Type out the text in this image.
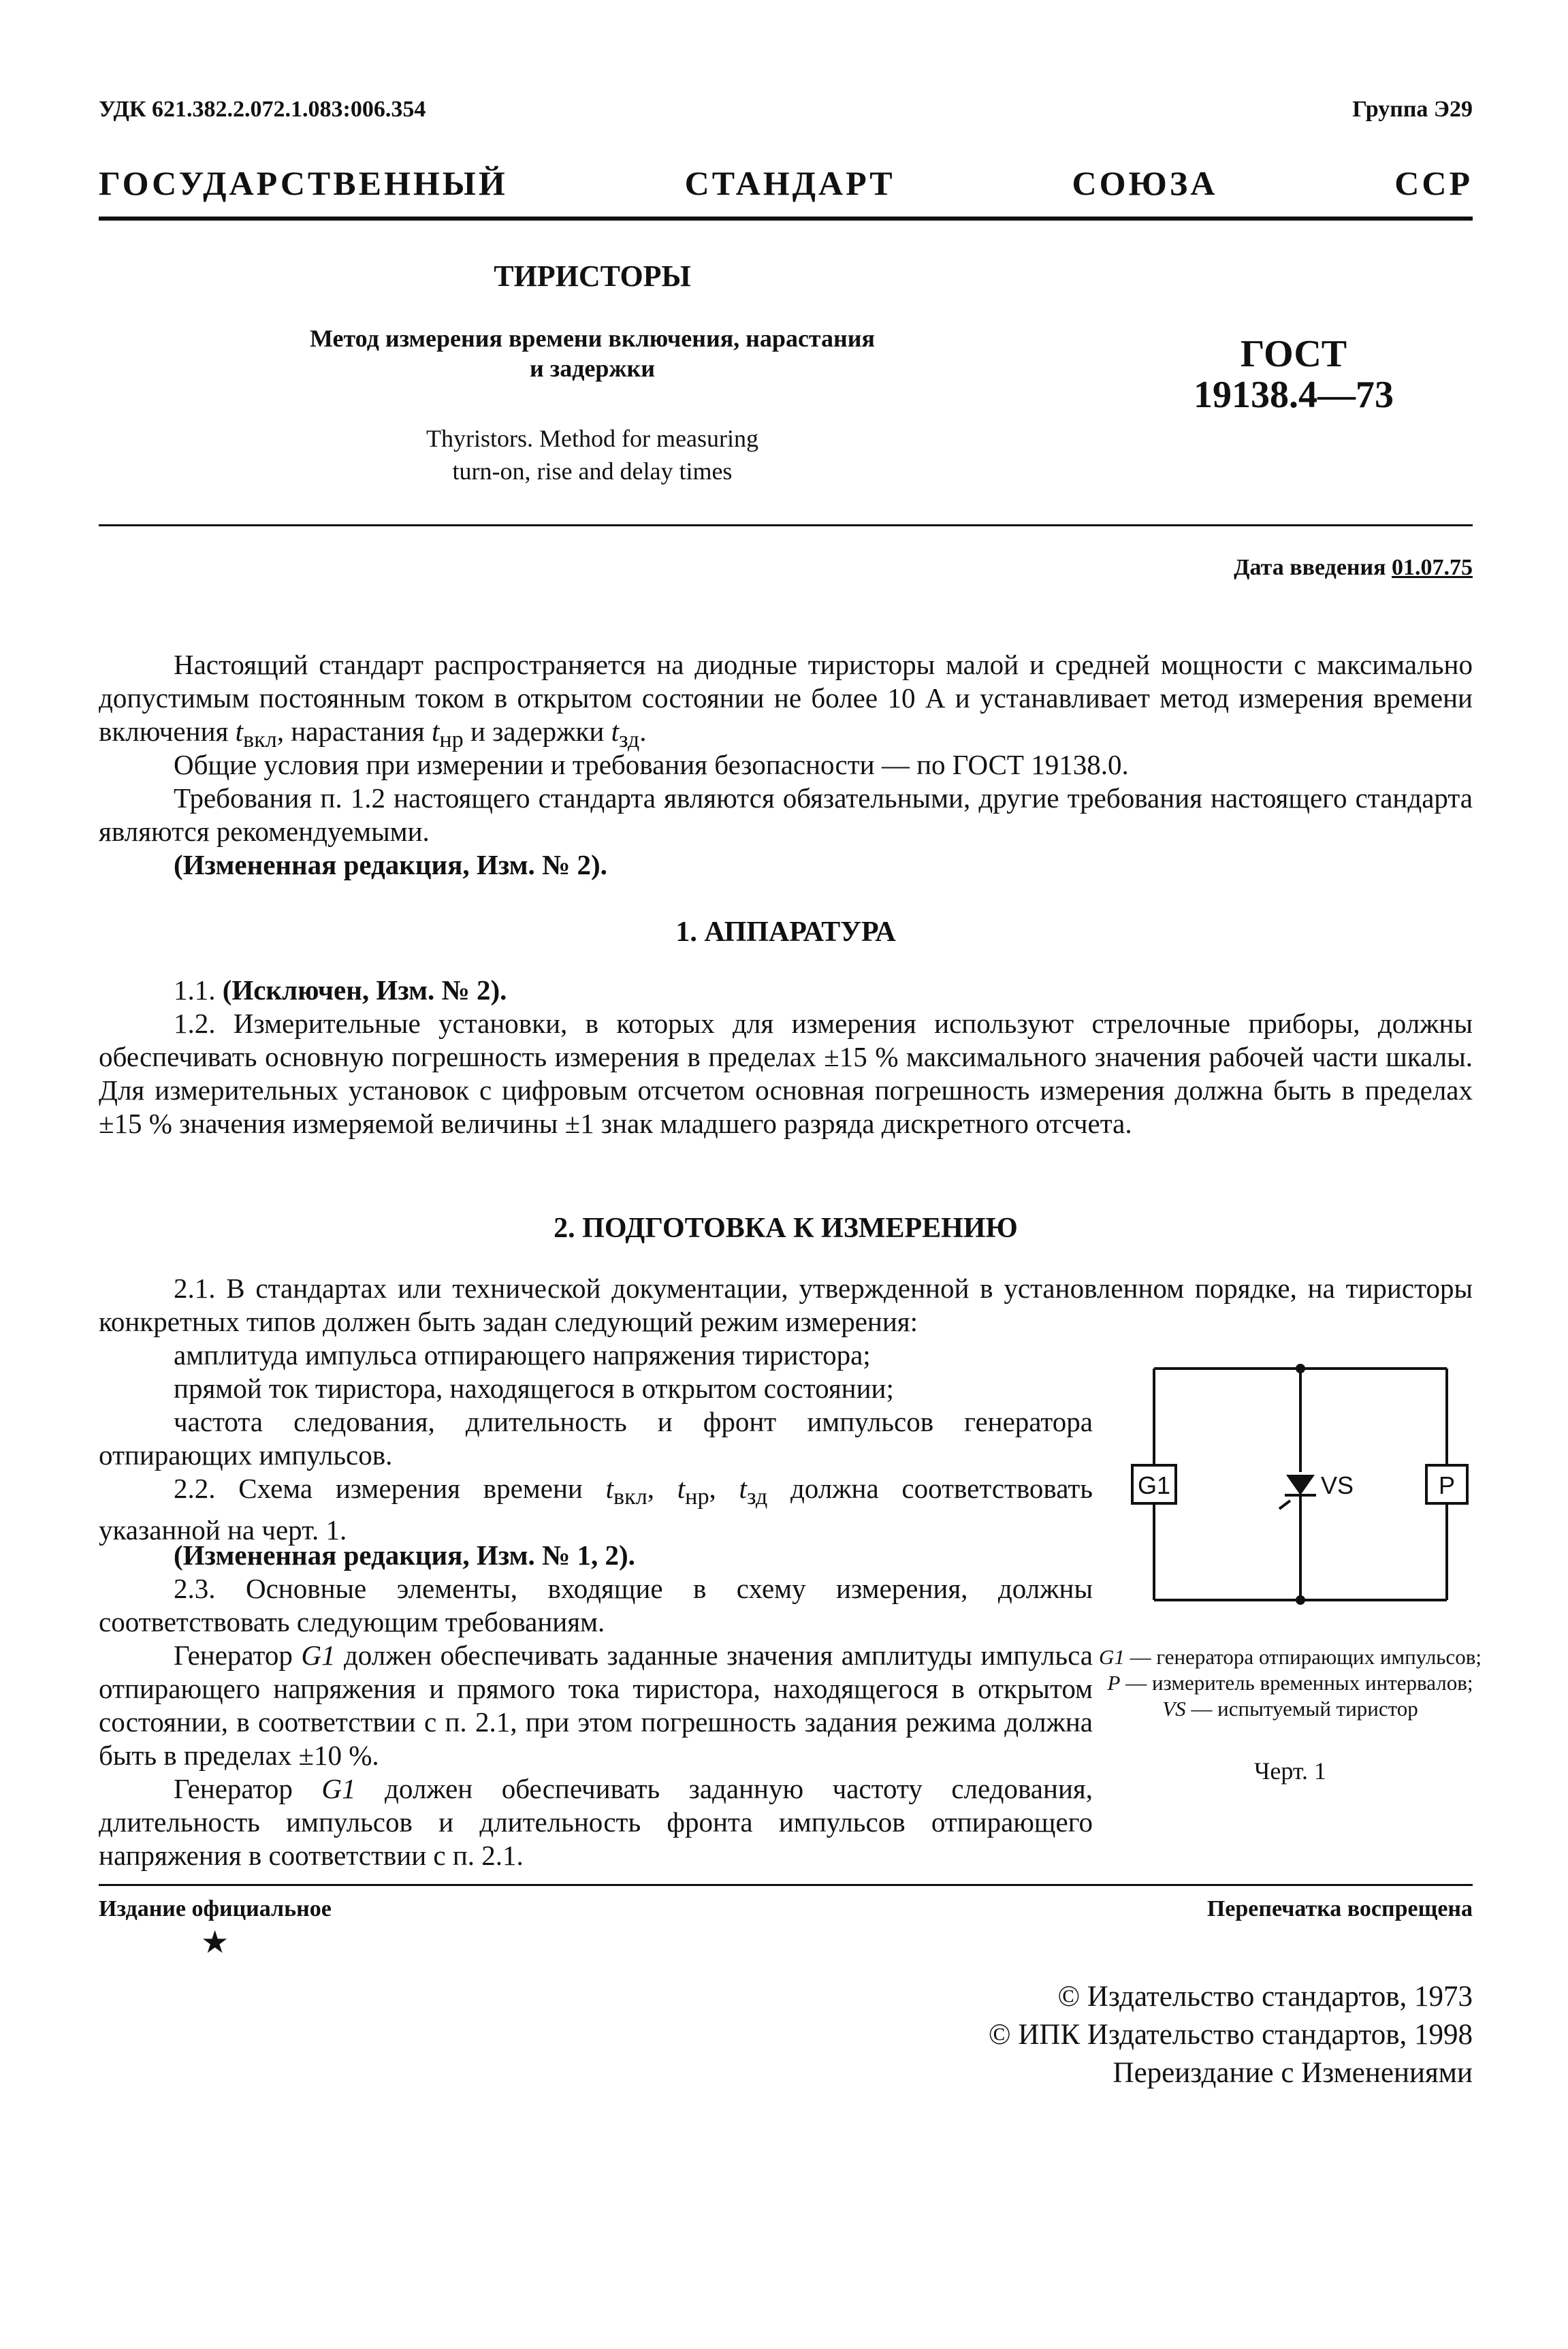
УДК 621.382.2.072.1.083:006.354	Группа Э29
ГОСУДАРСТВЕННЫЙ СТАНДАРТ СОЮЗА ССР
ТИРИСТОРЫ
Метод измерения времени включения, нарастания
и задержки
Thyristors. Method for measuring
turn-on, rise and delay times
ГОСТ
19138.4—73
Дата введения 01.07.75
Настоящий стандарт распространяется на диодные тиристоры малой и средней мощности с максимально допустимым постоянным током в открытом состоянии не более 10 А и устанавливает метод измерения времени включения $t_{вкл}$, нарастания $t_{нр}$ и задержки $t_{зд}$.
Общие условия при измерении и требования безопасности — по ГОСТ 19138.0.
Требования п. 1.2 настоящего стандарта являются обязательными, другие требования настоящего стандарта являются рекомендуемыми.
(Измененная редакция, Изм. № 2).
1. АППАРАТУРА
1.1. (Исключен, Изм. № 2).
1.2. Измерительные установки, в которых для измерения используют стрелочные приборы, должны обеспечивать основную погрешность измерения в пределах ±15 % максимального значения рабочей части шкалы. Для измерительных установок с цифровым отсчетом основная погрешность измерения должна быть в пределах ±15 % значения измеряемой величины ±1 знак младшего разряда дискретного отсчета.
2. ПОДГОТОВКА К ИЗМЕРЕНИЮ
2.1. В стандартах или технической документации, утвержденной в установленном порядке, на тиристоры конкретных типов должен быть задан следующий режим измерения:
амплитуда импульса отпирающего напряжения тиристора;
прямой ток тиристора, находящегося в открытом состоянии;
частота следования, длительность и фронт импульсов генератора отпирающих импульсов.
2.2. Схема измерения времени $t_{вкл}$, $t_{нр}$, $t_{зд}$ должна соответствовать указанной на черт. 1.
(Измененная редакция, Изм. № 1, 2).
2.3. Основные элементы, входящие в схему измерения, должны соответствовать следующим требованиям.
Генератор G1 должен обеспечивать заданные значения амплитуды импульса отпирающего напряжения и прямого тока тиристора, находящегося в открытом состоянии, в соответствии с п. 2.1, при этом погрешность задания режима должна быть в пределах ±10 %.
Генератор G1 должен обеспечивать заданную частоту следования, длительность импульсов и длительность фронта импульсов отпирающего напряжения в соответствии с п. 2.1.
G1	P
VS
G1 — генератора отпирающих импульсов; P — измеритель временных интервалов; VS — испытуемый тиристор
Черт. 1
Издание официальное
★
Перепечатка воспрещена
© Издательство стандартов, 1973
© ИПК Издательство стандартов, 1998
Переиздание с Изменениями
